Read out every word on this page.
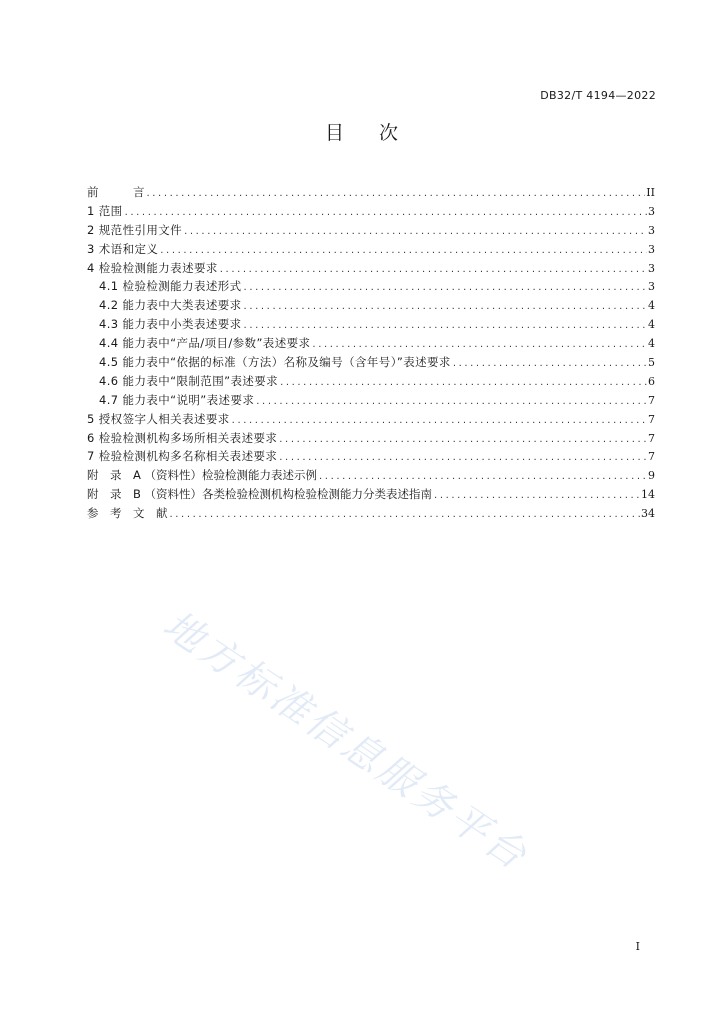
DB32/T 4194—2022
目 次
前　　　言 .....	II
1 范围 .....	3
2 规范性引用文件 .....	3
3 术语和定义 .....	3
4 检验检测能力表述要求 .....	3
4.1 检验检测能力表述形式 .....	3
4.2 能力表中大类表述要求 .....	4
4.3 能力表中小类表述要求 .....	4
4.4 能力表中“产品/项目/参数”表述要求 .....	4
4.5 能力表中“依据的标准（方法）名称及编号（含年号）”表述要求 .....	5
4.6 能力表中“限制范围”表述要求 .....	6
4.7 能力表中“说明”表述要求 .....	7
5 授权签字人相关表述要求 .....	7
6 检验检测机构多场所相关表述要求 .....	7
7 检验检测机构多名称相关表述要求 .....	7
附　录　A （资料性）检验检测能力表述示例 .....	9
附　录　B （资料性）各类检验检测机构检验检测能力分类表述指南 .....	14
参　考　文　献 .....	34
地方标准信息服务平台
I
